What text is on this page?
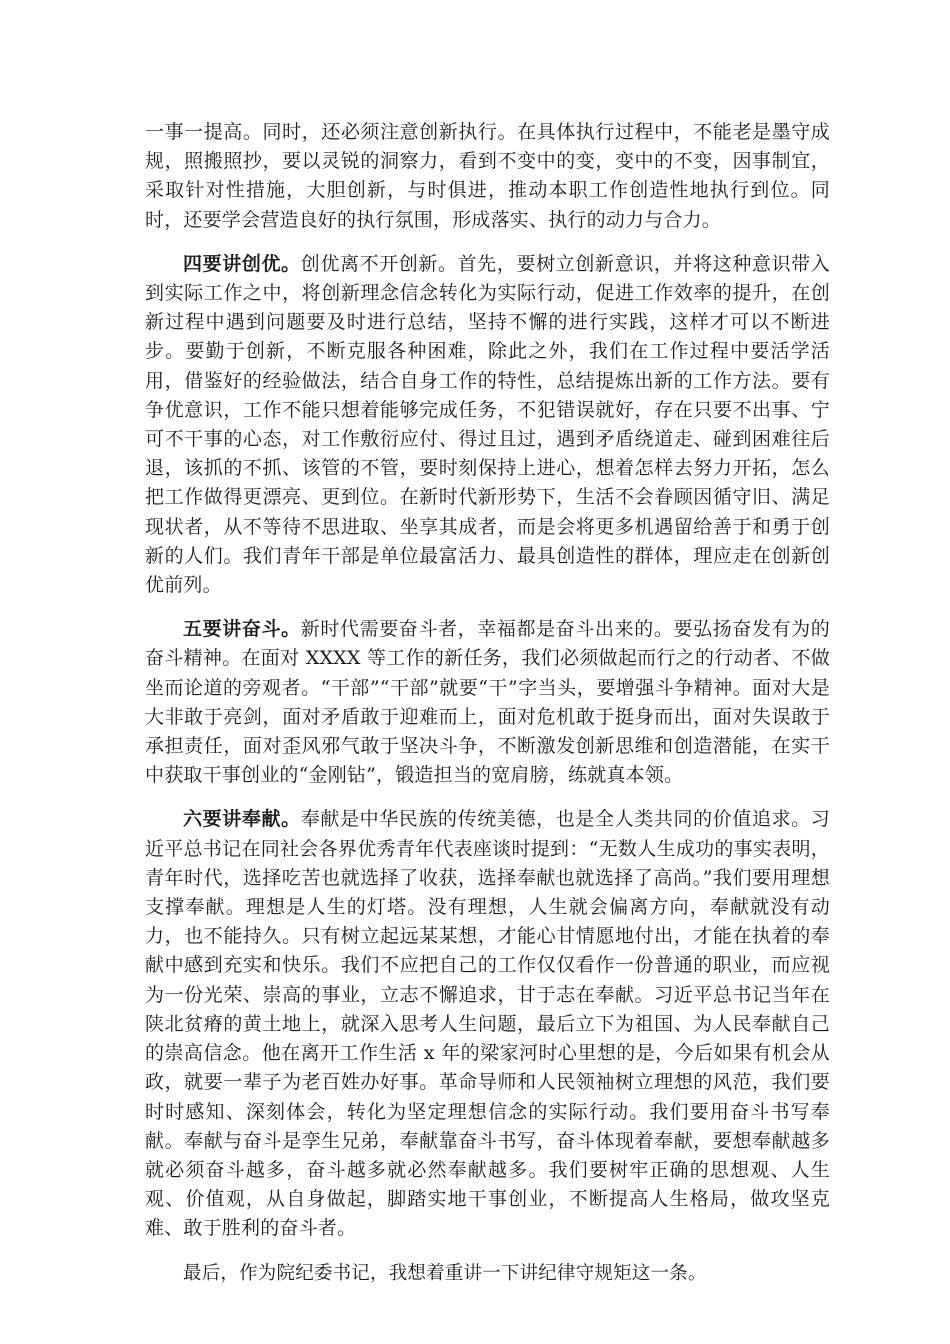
一事一提高。同时，还必须注意创新执行。在具体执行过程中，不能老是墨守成规，照搬照抄，要以灵锐的洞察力，看到不变中的变，变中的不变，因事制宜，采取针对性措施，大胆创新，与时俱进，推动本职工作创造性地执行到位。同时，还要学会营造良好的执行氛围，形成落实、执行的动力与合力。

四要讲创优。创优离不开创新。首先，要树立创新意识，并将这种意识带入到实际工作之中，将创新理念信念转化为实际行动，促进工作效率的提升，在创新过程中遇到问题要及时进行总结，坚持不懈的进行实践，这样才可以不断进步。要勤于创新，不断克服各种困难，除此之外，我们在工作过程中要活学活用，借鉴好的经验做法，结合自身工作的特性，总结提炼出新的工作方法。要有争优意识，工作不能只想着能够完成任务，不犯错误就好，存在只要不出事、宁可不干事的心态，对工作敷衍应付、得过且过，遇到矛盾绕道走、碰到困难往后退，该抓的不抓、该管的不管，要时刻保持上进心，想着怎样去努力开拓，怎么把工作做得更漂亮、更到位。在新时代新形势下，生活不会眷顾因循守旧、满足现状者，从不等待不思进取、坐享其成者，而是会将更多机遇留给善于和勇于创新的人们。我们青年干部是单位最富活力、最具创造性的群体，理应走在创新创优前列。

五要讲奋斗。新时代需要奋斗者，幸福都是奋斗出来的。要弘扬奋发有为的奋斗精神。在面对 XXXX 等工作的新任务，我们必须做起而行之的行动者、不做坐而论道的旁观者。“干部”“干部”就要“干”字当头，要增强斗争精神。面对大是大非敢于亮剑，面对矛盾敢于迎难而上，面对危机敢于挺身而出，面对失误敢于承担责任，面对歪风邪气敢于坚决斗争，不断激发创新思维和创造潜能，在实干中获取干事创业的“金刚钻”，锻造担当的宽肩膀，练就真本领。

六要讲奉献。奉献是中华民族的传统美德，也是全人类共同的价值追求。习近平总书记在同社会各界优秀青年代表座谈时提到：“无数人生成功的事实表明，青年时代，选择吃苦也就选择了收获，选择奉献也就选择了高尚。”我们要用理想支撑奉献。理想是人生的灯塔。没有理想，人生就会偏离方向，奉献就没有动力，也不能持久。只有树立起远某某想，才能心甘情愿地付出，才能在执着的奉献中感到充实和快乐。我们不应把自己的工作仅仅看作一份普通的职业，而应视为一份光荣、崇高的事业，立志不懈追求，甘于志在奉献。习近平总书记当年在陕北贫瘠的黄土地上，就深入思考人生问题，最后立下为祖国、为人民奉献自己的崇高信念。他在离开工作生活 x 年的梁家河时心里想的是，今后如果有机会从政，就要一辈子为老百姓办好事。革命导师和人民领袖树立理想的风范，我们要时时感知、深刻体会，转化为坚定理想信念的实际行动。我们要用奋斗书写奉献。奉献与奋斗是孪生兄弟，奉献靠奋斗书写，奋斗体现着奉献，要想奉献越多就必须奋斗越多，奋斗越多就必然奉献越多。我们要树牢正确的思想观、人生观、价值观，从自身做起，脚踏实地干事创业，不断提高人生格局，做攻坚克难、敢于胜利的奋斗者。

最后，作为院纪委书记，我想着重讲一下讲纪律守规矩这一条。
